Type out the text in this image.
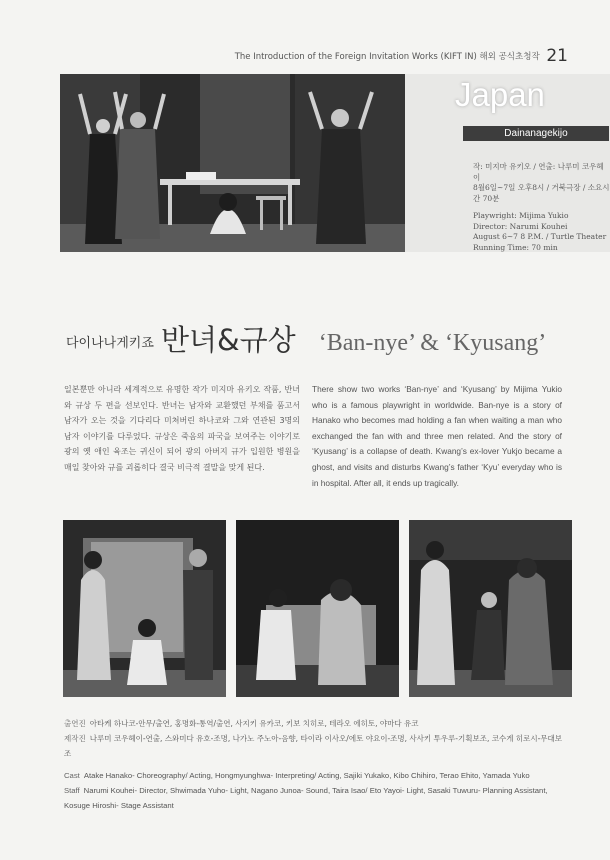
The Introduction of the Foreign Invitation Works (KIFT IN) 해외 공식초청작 21
Japan
Dainanagekijo
작: 미지마 유키오 / 연출: 나루미 코우헤이
8월6일~7일 오후8시 / 거북극장 / 소요시간 70분
Playwright: Mijima Yukio
Director: Narumi Kouhei
August 6~7 8 P.M. / Turtle Theater
Running Time: 70 min
다이나나게키죠 반녀&규상 ‘Ban-nye’ & ‘Kyusang’
일본뿐만 아니라 세계적으로 유명한 작가 미지마 유키오 작품, 반녀와 규상 두 편을 선보인다. 반녀는 남자와 교환했던 부채를 품고서 남자가 오는 것을 기다리다 미쳐버린 하나코와 그와 연관된 3명의 남자 이야기를 다루었다. 규상은 죽음의 파국을 보여주는 이야기로 광의 옛 애인 육조는 귀신이 되어 광의 아버지 규가 입원한 병원을 매일 찾아와 규를 괴롭히다 결국 비극적 결말을 맞게 된다.
There show two works ‘Ban-nye’ and ‘Kyusang’ by Mijima Yukio who is a famous playwright in worldwide. Ban-nye is a story of Hanako who becomes mad holding a fan when waiting a man who exchanged the fan with and three men related. And the story of ‘Kyusang’ is a collapse of death. Kwang’s ex-lover Yukjo became a ghost, and visits and disturbs Kwang’s father ‘Kyu’ everyday who is in hospital. After all, it ends up tragically.
출연진 아타케 하나코-안무/출연, 홍명화-통역/출연, 사지키 유카코, 키보 치히로, 테라오 에히토, 야마다 유코
제작진 나루미 코우헤이-연출, 스와미다 유호-조명, 나가노 주노아-음향, 타이라 이사오/에토 야요이-조명, 사사키 투우루-기획보조, 코수게 히로시-무대보조
Cast Atake Hanako- Choreography/ Acting, Hongmyunghwa- Interpreting/ Acting, Sajiki Yukako, Kibo Chihiro, Terao Ehito, Yamada Yuko
Staff Narumi Kouhei- Director, Shwimada Yuho- Light, Nagano Junoa- Sound, Taira Isao/ Eto Yayoi- Light, Sasaki Tuwuru- Planning Assistant, Kosuge Hiroshi- Stage Assistant
